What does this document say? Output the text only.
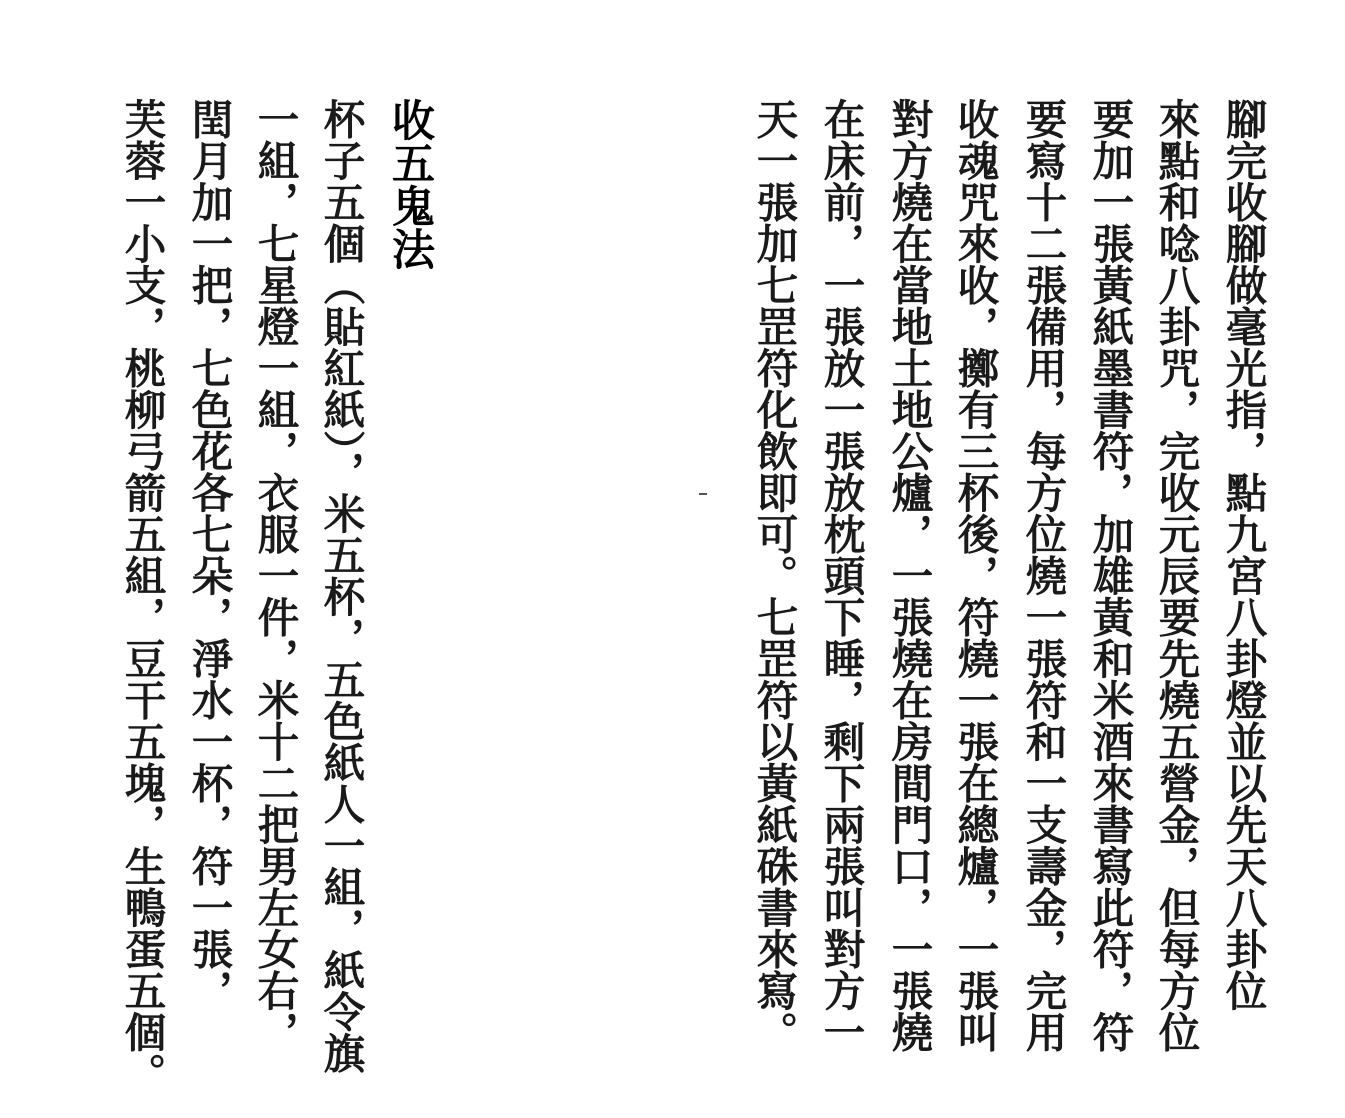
腳完收腳做毫光指，點九宮八卦燈並以先天八卦位
來點和唸八卦咒，完收元辰要先燒五營金，但每方位
要加一張黃紙墨書符，加雄黃和米酒來書寫此符，符
要寫十二張備用，每方位燒一張符和一支壽金，完用
收魂咒來收，擲有三杯後，符燒一張在總爐，一張叫
對方燒在當地土地公爐，一張燒在房間門口，一張燒
在床前，一張放一張放枕頭下睡，剩下兩張叫對方一
天一張加七罡符化飲即可。七罡符以黃紙硃書來寫。
收五鬼法
杯子五個（貼紅紙），米五杯，五色紙人一組，紙令旗
一組，七星燈一組，衣服一件，米十二把男左女右，
閏月加一把，七色花各七朵，淨水一杯，符一張，
芙蓉一小支，桃柳弓箭五組，豆干五塊，生鴨蛋五個。
